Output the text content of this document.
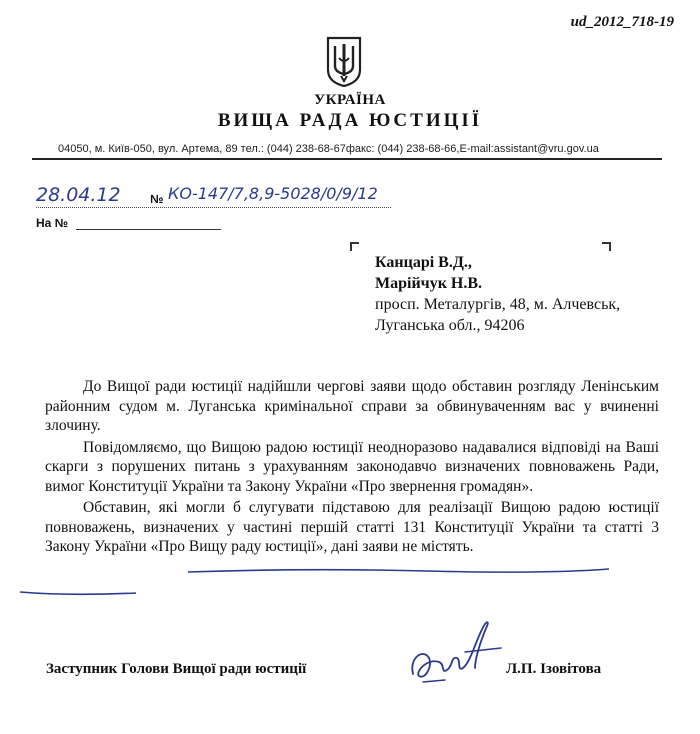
ud_2012_718-19
УКРАЇНА
ВИЩА РАДА ЮСТИЦІЇ
04050, м. Київ-050, вул. Артема, 89 тел.: (044) 238-68-67факс: (044) 238-68-66,E-mail:assistant@vru.gov.ua
28.04.12 № КО-147/7,8,9-5028/0/9/12
На №
Канцарі В.Д.,
Марійчук Н.В.
просп. Металургів, 48, м. Алчевськ,
Луганська обл., 94206

До Вищої ради юстиції надійшли чергові заяви щодо обставин розгляду Ленінським районним судом м. Луганська кримінальної справи за обвинуваченням вас у вчиненні злочину.

Повідомляємо, що Вищою радою юстиції неодноразово надавалися відповіді на Ваші скарги з порушених питань з урахуванням законодавчо визначених повноважень Ради, вимог Конституції України та Закону України «Про звернення громадян».

Обставин, які могли б слугувати підставою для реалізації Вищою радою юстиції повноважень, визначених у частині першій статті 131 Конституції України та статті 3 Закону України «Про Вищу раду юстиції», дані заяви не містять.

Заступник Голови Вищої ради юстиції	Л.П. Ізовітова
